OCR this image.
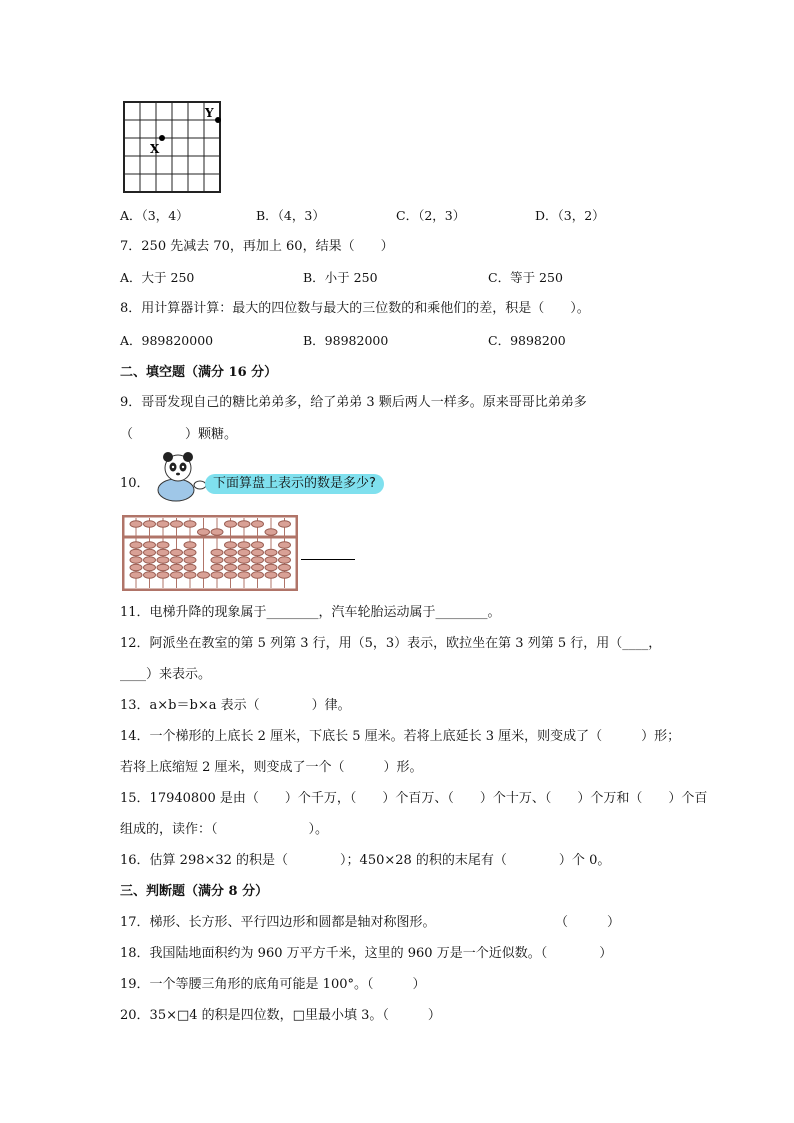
X
Y
A．（3，4）	B．（4，3）	C．（2，3）	D．（3，2）
7．250 先减去 70，再加上 60，结果（　　）
A．大于 250	B．小于 250	C．等于 250
8．用计算器计算：最大的四位数与最大的三位数的和乘他们的差，积是（　　）。
A．989820000	B．98982000	C．9898200
二、填空题（满分 16 分）
9．哥哥发现自己的糖比弟弟多，给了弟弟 3 颗后两人一样多。原来哥哥比弟弟多
（　　　　）颗糖。
10．	下面算盘上表示的数是多少?
11．电梯升降的现象属于________，汽车轮胎运动属于________。
12．阿派坐在教室的第 5 列第 3 行，用（5，3）表示，欧拉坐在第 3 列第 5 行，用（____，
____）来表示。
13．a×b＝b×a 表示（　　　　）律。
14．一个梯形的上底长 2 厘米，下底长 5 厘米。若将上底延长 3 厘米，则变成了（　　　）形；
若将上底缩短 2 厘米，则变成了一个（　　　）形。
15．17940800 是由（　　）个千万，（　　）个百万、（　　）个十万、（　　）个万和（　　）个百
组成的，读作：（　　　　　　　）。
16．估算 298×32 的积是（　　　　）；450×28 的积的末尾有（　　　　）个 0。
三、判断题（满分 8 分）
17．梯形、长方形、平行四边形和圆都是轴对称图形。	（　　　）
18．我国陆地面积约为 960 万平方千米，这里的 960 万是一个近似数。（　　　　）
19．一个等腰三角形的底角可能是 100°。（　　　）
20．35×□4 的积是四位数，□里最小填 3。（　　　）
